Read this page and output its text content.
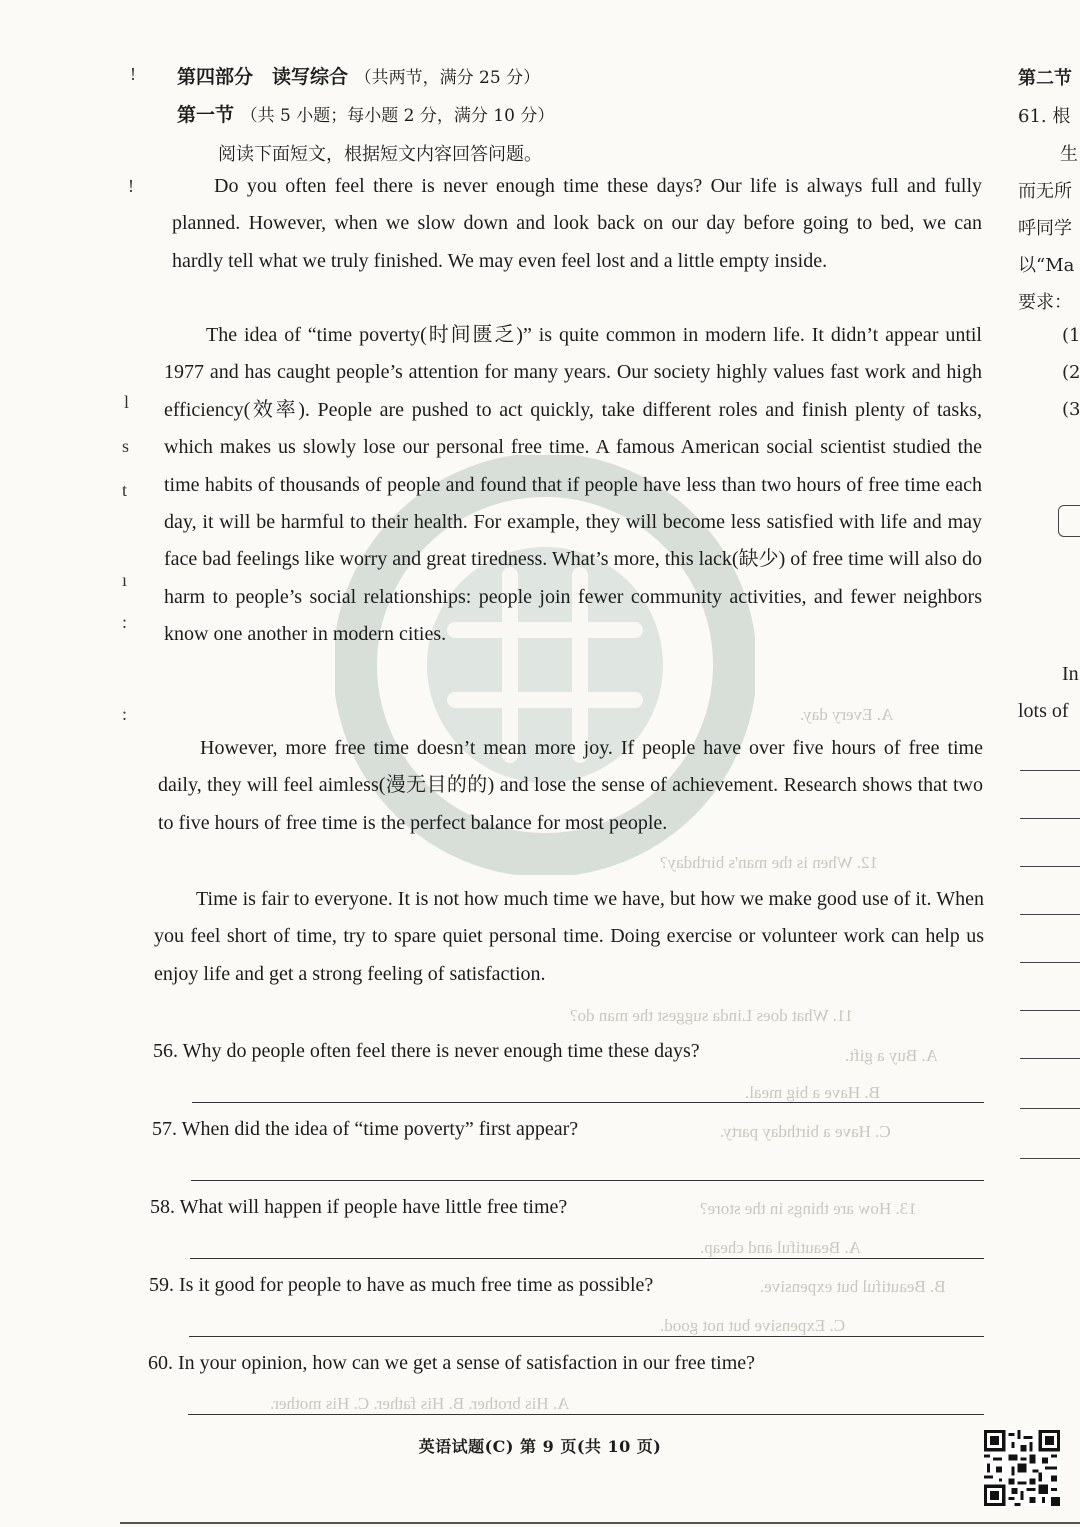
A. Every day.
12. When is the man's birthday?
11. What does Linda suggest the man do?
A. Buy a gift.
B. Have a big meal.
C. Have a birthday party.
13. How are things in the store?
A. Beautiful and cheap.
B. Beautiful but expensive.
C. Expensive but not good.
A. His brother. B. His father. C. His mother.
!
!
l
s
t
ı
:
:
第四部分　读写综合 （共两节，满分 25 分）
第一节 （共 5 小题；每小题 2 分，满分 10 分）
阅读下面短文，根据短文内容回答问题。

Do you often feel there is never enough time these days? Our life is always full and fully planned. However, when we slow down and look back on our day before going to bed, we can hardly tell what we truly finished. We may even feel lost and a little empty inside.

The idea of “time poverty(时间匮乏)” is quite common in modern life. It didn’t appear until 1977 and has caught people’s attention for many years. Our society highly values fast work and high efficiency(效率). People are pushed to act quickly, take different roles and finish plenty of tasks, which makes us slowly lose our personal free time. A famous American social scientist studied the time habits of thousands of people and found that if people have less than two hours of free time each day, it will be harmful to their health. For example, they will become less satisfied with life and may face bad feelings like worry and great tiredness. What’s more, this lack(缺少) of free time will also do harm to people’s social relationships: people join fewer community activities, and fewer neighbors know one another in modern cities.

However, more free time doesn’t mean more joy. If people have over five hours of free time daily, they will feel aimless(漫无目的的) and lose the sense of achievement. Research shows that two to five hours of free time is the perfect balance for most people.

Time is fair to everyone. It is not how much time we have, but how we make good use of it. When you feel short of time, try to spare quiet personal time. Doing exercise or volunteer work can help us enjoy life and get a strong feeling of satisfaction.

56. Why do people often feel there is never enough time these days?
57. When did the idea of “time poverty” first appear?
58. What will happen if people have little free time?
59. Is it good for people to have as much free time as possible?
60. In your opinion, how can we get a sense of satisfaction in our free time?
英语试题(C) 第 9 页(共 10 页)
第二节
61. 根
生
而无所
呼同学
以“Ma
要求：
(1
(2
(3
In
lots of
